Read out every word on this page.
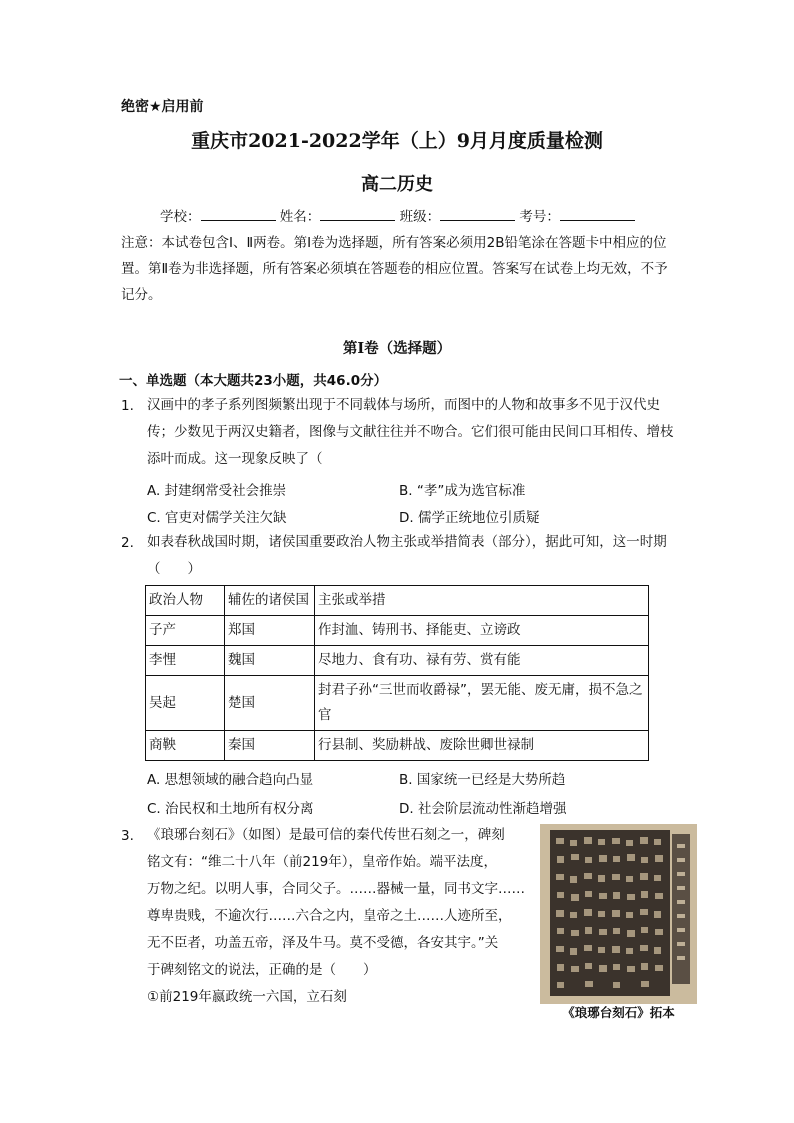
绝密★启用前
重庆市2021-2022学年（上）9月月度质量检测
高二历史
学校：	姓名：	班级：	考号：
注意：本试卷包含Ⅰ、Ⅱ两卷。第Ⅰ卷为选择题，所有答案必须用2B铅笔涂在答题卡中相应的位置。第Ⅱ卷为非选择题，所有答案必须填在答题卷的相应位置。答案写在试卷上均无效，不予记分。
第Ⅰ卷（选择题）
一、单选题（本大题共23小题，共46.0分）
1. 汉画中的孝子系列图频繁出现于不同载体与场所，而图中的人物和故事多不见于汉代史传；少数见于两汉史籍者，图像与文献往往并不吻合。它们很可能由民间口耳相传、增枝添叶而成。这一现象反映了（
A. 封建纲常受社会推崇	B. “孝”成为选官标准
C. 官吏对儒学关注欠缺	D. 儒学正统地位引质疑
2. 如表春秋战国时期，诸侯国重要政治人物主张或举措简表（部分），据此可知，这一时期（　　）
政治人物	辅佐的诸侯国	主张或举措
子产	郑国	作封洫、铸刑书、择能吏、立谤政
李悝	魏国	尽地力、食有功、禄有劳、赏有能
吴起	楚国	封君子孙“三世而收爵禄”，罢无能、废无庸，损不急之官
商鞅	秦国	行县制、奖励耕战、废除世卿世禄制
A. 思想领域的融合趋向凸显	B. 国家统一已经是大势所趋
C. 治民权和土地所有权分离	D. 社会阶层流动性渐趋增强
3. 《琅琊台刻石》（如图）是最可信的秦代传世石刻之一，碑刻
铭文有：“维二十八年（前219年），皇帝作始。端平法度，
万物之纪。以明人事，合同父子。……器械一量，同书文字……
尊卑贵贱，不逾次行……六合之内，皇帝之土……人迹所至，
无不臣者，功盖五帝，泽及牛马。莫不受德，各安其宇。”关
于碑刻铭文的说法，正确的是（　　）
①前219年嬴政统一六国，立石刻
《琅琊台刻石》拓本
